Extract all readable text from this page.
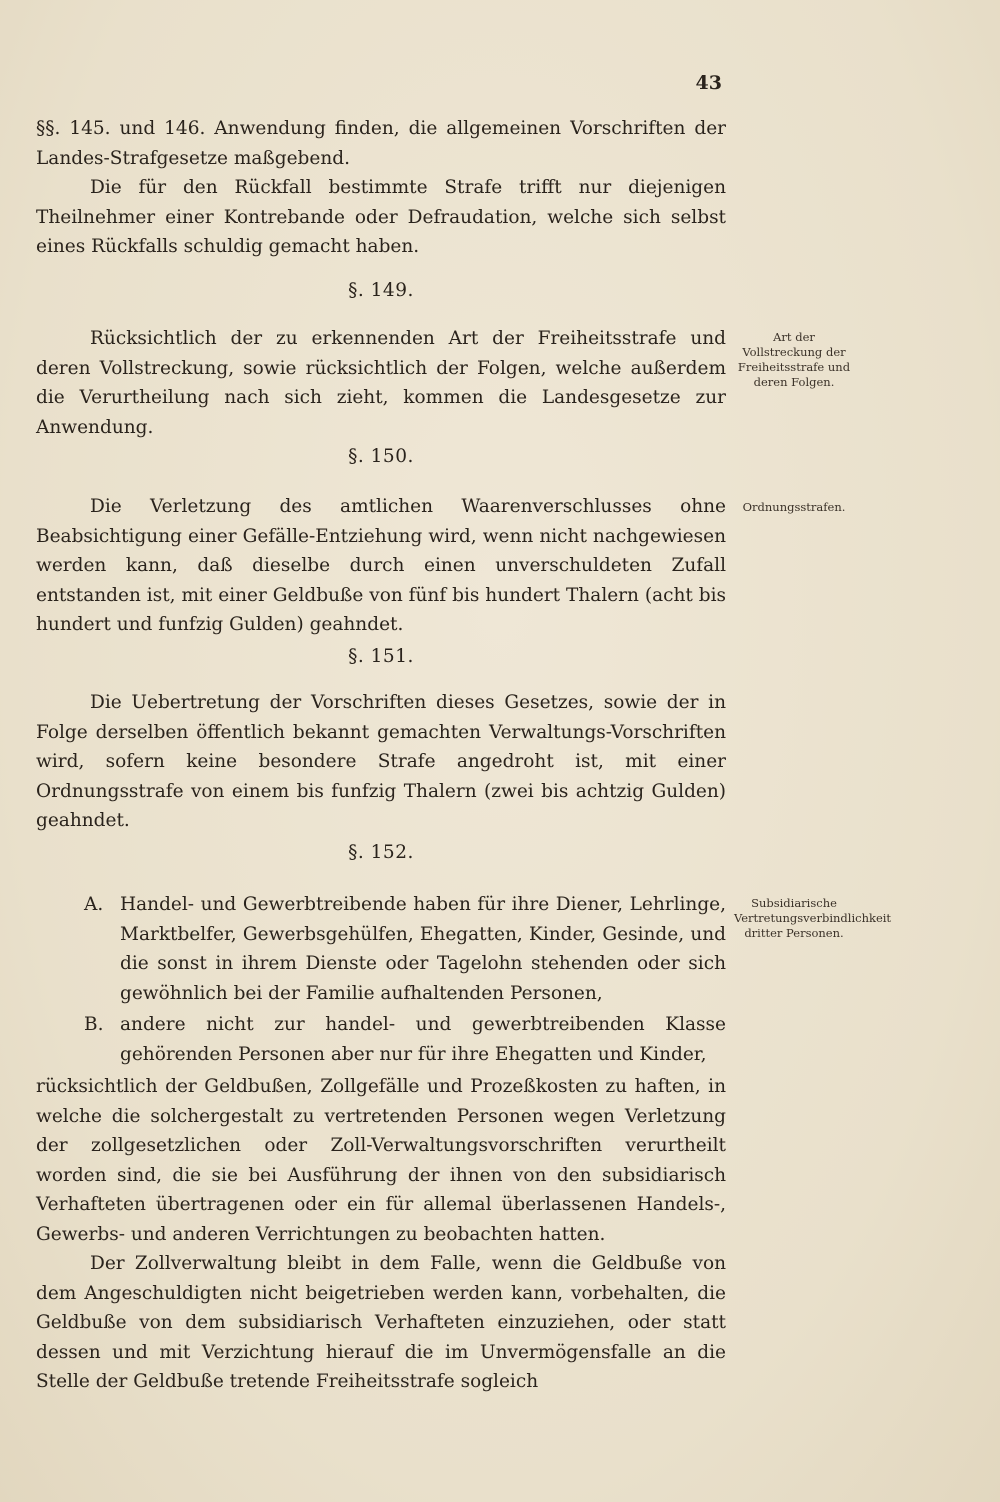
43

§§. 145. und 146. Anwendung finden, die allgemeinen Vorschriften der Landes-Strafgesetze maßgebend.

Die für den Rückfall bestimmte Strafe trifft nur diejenigen Theilnehmer einer Kontrebande oder Defraudation, welche sich selbst eines Rückfalls schuldig gemacht haben.

§. 149.

Rücksichtlich der zu erkennenden Art der Freiheitsstrafe und deren Vollstreckung, sowie rücksichtlich der Folgen, welche außerdem die Verurtheilung nach sich zieht, kommen die Landesgesetze zur Anwendung.

Art der Vollstreckung der Freiheitsstrafe und deren Folgen.
§. 150.

Die Verletzung des amtlichen Waarenverschlusses ohne Beabsichtigung einer Gefälle-Entziehung wird, wenn nicht nachgewiesen werden kann, daß dieselbe durch einen unverschuldeten Zufall entstanden ist, mit einer Geldbuße von fünf bis hundert Thalern (acht bis hundert und funfzig Gulden) geahndet.

Ordnungsstrafen.
§. 151.

Die Uebertretung der Vorschriften dieses Gesetzes, sowie der in Folge derselben öffentlich bekannt gemachten Verwaltungs-Vorschriften wird, sofern keine besondere Strafe angedroht ist, mit einer Ordnungsstrafe von einem bis funfzig Thalern (zwei bis achtzig Gulden) geahndet.

§. 152.
A. Handel- und Gewerbtreibende haben für ihre Diener, Lehrlinge, Marktbelfer, Gewerbsgehülfen, Ehegatten, Kinder, Gesinde, und die sonst in ihrem Dienste oder Tagelohn stehenden oder sich gewöhnlich bei der Familie aufhaltenden Personen,
Subsidiarische Vertretungsverbindlichkeit dritter Personen.
B. andere nicht zur handel- und gewerbtreibenden Klasse gehörenden Personen aber nur für ihre Ehegatten und Kinder,

rücksichtlich der Geldbußen, Zollgefälle und Prozeßkosten zu haften, in welche die solchergestalt zu vertretenden Personen wegen Verletzung der zollgesetzlichen oder Zoll-Verwaltungsvorschriften verurtheilt worden sind, die sie bei Ausführung der ihnen von den subsidiarisch Verhafteten übertragenen oder ein für allemal überlassenen Handels-, Gewerbs- und anderen Verrichtungen zu beobachten hatten.

Der Zollverwaltung bleibt in dem Falle, wenn die Geldbuße von dem Angeschuldigten nicht beigetrieben werden kann, vorbehalten, die Geldbuße von dem subsidiarisch Verhafteten einzuziehen, oder statt dessen und mit Verzichtung hierauf die im Unvermögensfalle an die Stelle der Geldbuße tretende Freiheitsstrafe sogleich
